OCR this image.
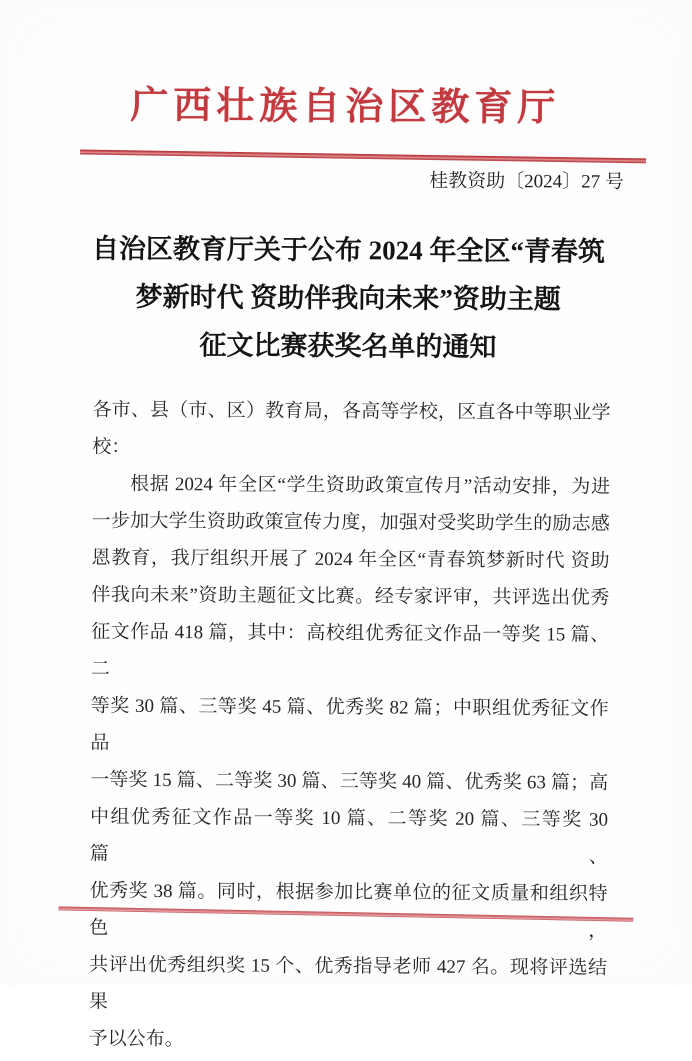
广西壮族自治区教育厅
桂教资助〔2024〕27 号
自治区教育厅关于公布 2024 年全区“青春筑
梦新时代 资助伴我向未来”资助主题
征文比赛获奖名单的通知
各市、县（市、区）教育局，各高等学校，区直各中等职业学
校：
根据 2024 年全区“学生资助政策宣传月”活动安排，为进
一步加大学生资助政策宣传力度，加强对受奖助学生的励志感
恩教育，我厅组织开展了 2024 年全区“青春筑梦新时代 资助
伴我向未来”资助主题征文比赛。经专家评审，共评选出优秀
征文作品 418 篇，其中：高校组优秀征文作品一等奖 15 篇、二
等奖 30 篇、三等奖 45 篇、优秀奖 82 篇；中职组优秀征文作品
一等奖 15 篇、二等奖 30 篇、三等奖 40 篇、优秀奖 63 篇；高
中组优秀征文作品一等奖 10 篇、二等奖 20 篇、三等奖 30 篇、
优秀奖 38 篇。同时，根据参加比赛单位的征文质量和组织特色，
共评出优秀组织奖 15 个、优秀指导老师 427 名。现将评选结果
予以公布。
